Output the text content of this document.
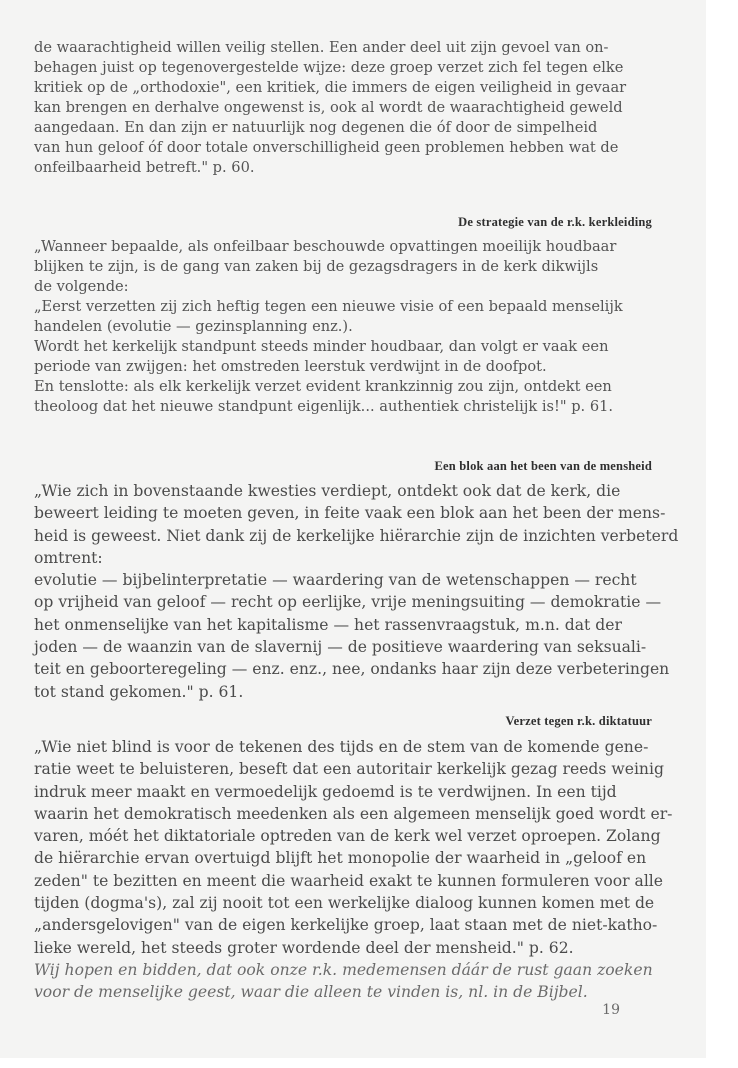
de waarachtigheid willen veilig stellen. Een ander deel uit zijn gevoel van on-
behagen juist op tegenovergestelde wijze: deze groep verzet zich fel tegen elke
kritiek op de „orthodoxie", een kritiek, die immers de eigen veiligheid in gevaar
kan brengen en derhalve ongewenst is, ook al wordt de waarachtigheid geweld
aangedaan. En dan zijn er natuurlijk nog degenen die óf door de simpelheid
van hun geloof óf door totale onverschilligheid geen problemen hebben wat de
onfeilbaarheid betreft." p. 60.

De strategie van de r.k. kerkleiding

„Wanneer bepaalde, als onfeilbaar beschouwde opvattingen moeilijk houdbaar
blijken te zijn, is de gang van zaken bij de gezagsdragers in de kerk dikwijls
de volgende:
„Eerst verzetten zij zich heftig tegen een nieuwe visie of een bepaald menselijk
handelen (evolutie — gezinsplanning enz.).
Wordt het kerkelijk standpunt steeds minder houdbaar, dan volgt er vaak een
periode van zwijgen: het omstreden leerstuk verdwijnt in de doofpot.
En tenslotte: als elk kerkelijk verzet evident krankzinnig zou zijn, ontdekt een
theoloog dat het nieuwe standpunt eigenlijk... authentiek christelijk is!" p. 61.

Een blok aan het been van de mensheid

„Wie zich in bovenstaande kwesties verdiept, ontdekt ook dat de kerk, die
beweert leiding te moeten geven, in feite vaak een blok aan het been der mens-
heid is geweest. Niet dank zij de kerkelijke hiërarchie zijn de inzichten verbeterd
omtrent:
evolutie — bijbelinterpretatie — waardering van de wetenschappen — recht
op vrijheid van geloof — recht op eerlijke, vrije meningsuiting — demokratie —
het onmenselijke van het kapitalisme — het rassenvraagstuk, m.n. dat der
joden — de waanzin van de slavernij — de positieve waardering van seksuali-
teit en geboorteregeling — enz. enz., nee, ondanks haar zijn deze verbeteringen
tot stand gekomen." p. 61.

Verzet tegen r.k. diktatuur

„Wie niet blind is voor de tekenen des tijds en de stem van de komende gene-
ratie weet te beluisteren, beseft dat een autoritair kerkelijk gezag reeds weinig
indruk meer maakt en vermoedelijk gedoemd is te verdwijnen. In een tijd
waarin het demokratisch meedenken als een algemeen menselijk goed wordt er-
varen, móét het diktatoriale optreden van de kerk wel verzet oproepen. Zolang
de hiërarchie ervan overtuigd blijft het monopolie der waarheid in „geloof en
zeden" te bezitten en meent die waarheid exakt te kunnen formuleren voor alle
tijden (dogma's), zal zij nooit tot een werkelijke dialoog kunnen komen met de
„andersgelovigen" van de eigen kerkelijke groep, laat staan met de niet-katho-
lieke wereld, het steeds groter wordende deel der mensheid." p. 62.

Wij hopen en bidden, dat ook onze r.k. medemensen dáár de rust gaan zoeken
voor de menselijke geest, waar die alleen te vinden is, nl. in de Bijbel.

19
